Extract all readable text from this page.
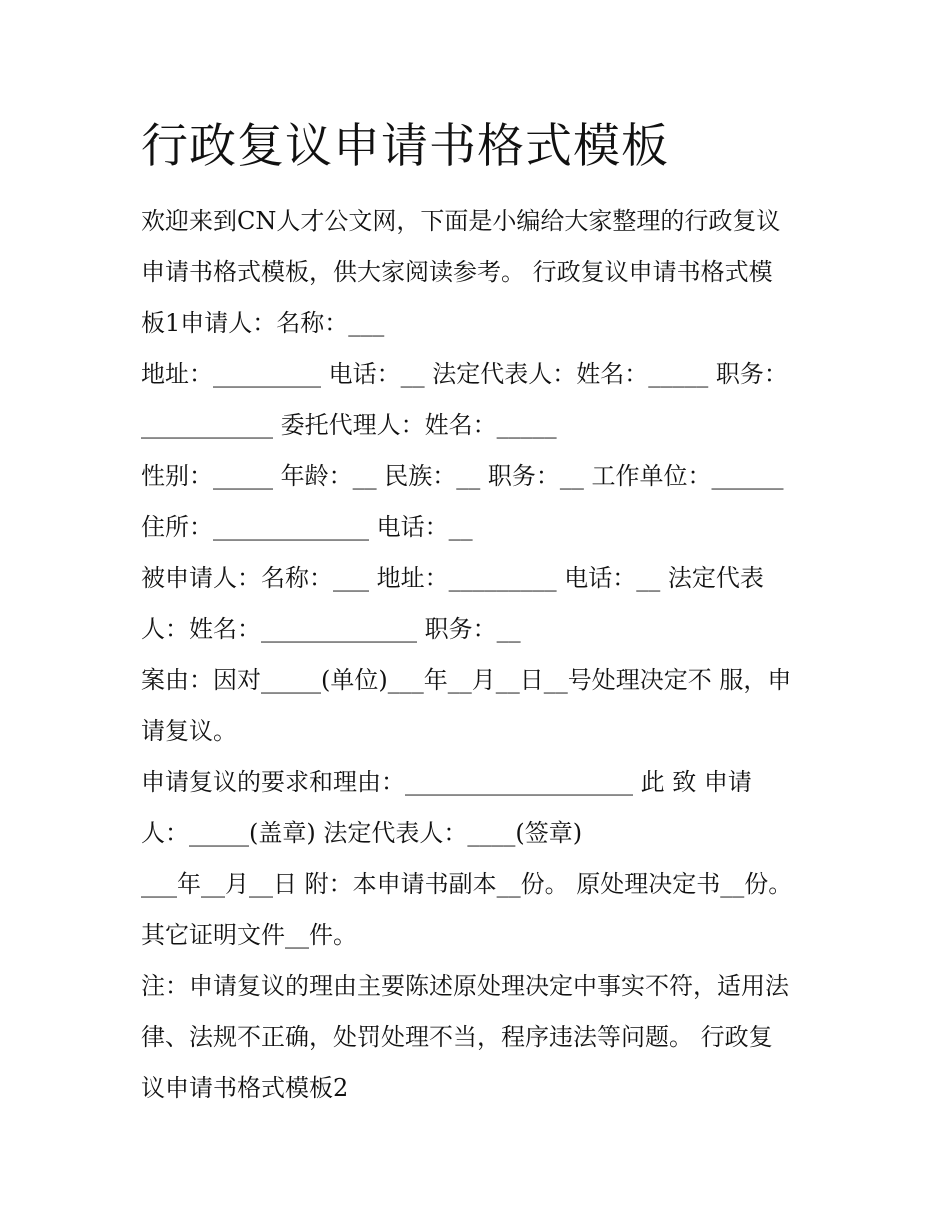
行政复议申请书格式模板

欢迎来到CN人才公文网，下面是小编给大家整理的行政复议

申请书格式模板，供大家阅读参考。 行政复议申请书格式模

板1申请人：名称：___

地址：_________ 电话：__ 法定代表人：姓名：_____ 职务：

___________ 委托代理人：姓名：_____

性别：_____ 年龄：__ 民族：__ 职务：__ 工作单位：______

住所：_____________ 电话：__

被申请人：名称：___ 地址：_________ 电话：__ 法定代表

人：姓名：_____________ 职务：__

案由：因对_____(单位)___年__月__日__号处理决定不 服，申

请复议。

申请复议的要求和理由：___________________ 此 致 申请

人：_____(盖章) 法定代表人：____(签章)

___年__月__日 附：本申请书副本__份。 原处理决定书__份。

其它证明文件__件。

注：申请复议的理由主要陈述原处理决定中事实不符，适用法

律、法规不正确，处罚处理不当，程序违法等问题。 行政复

议申请书格式模板2
